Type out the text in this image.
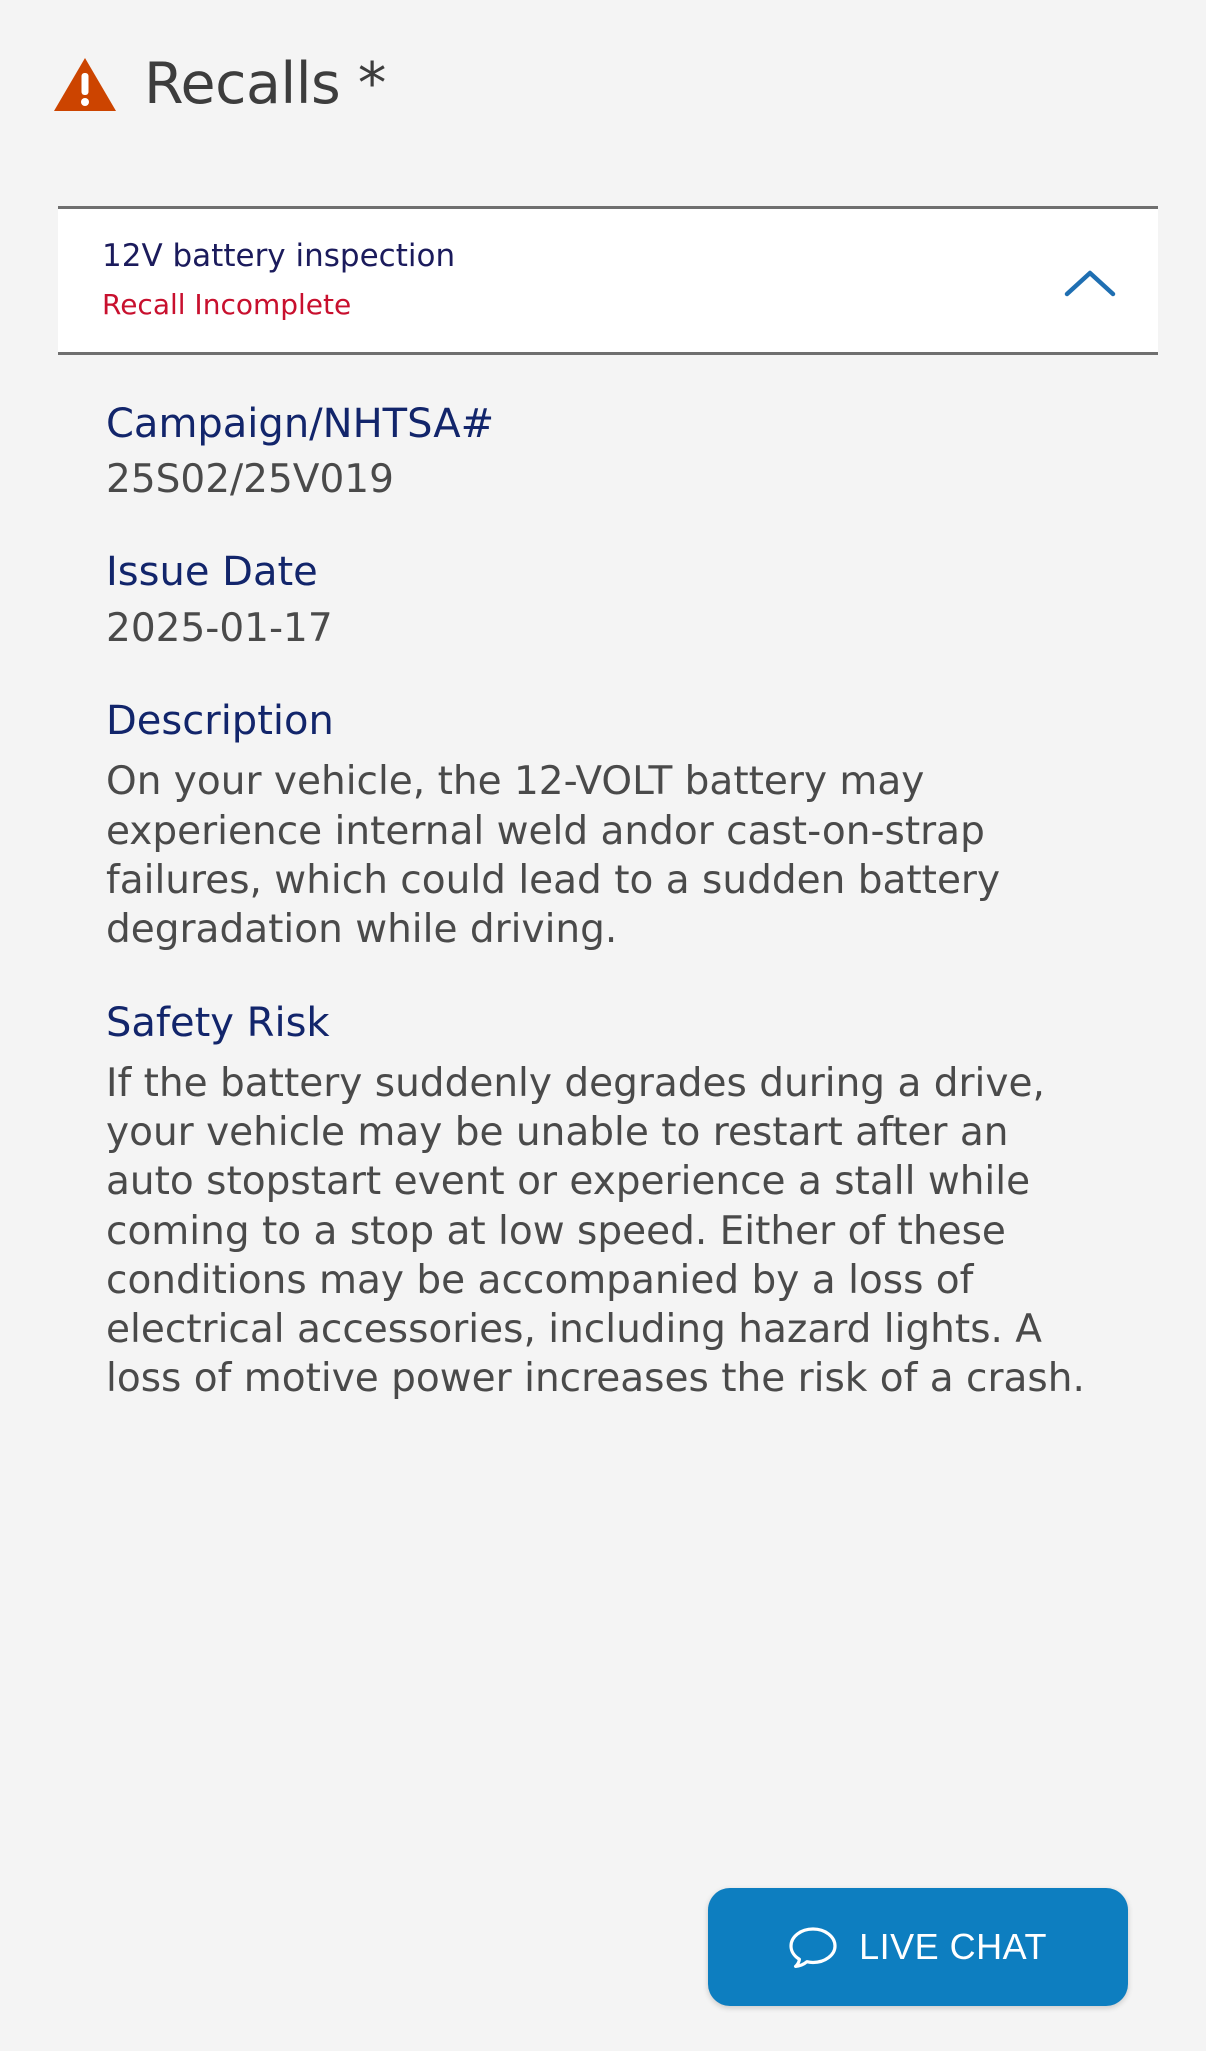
Recalls *
12V battery inspection
Recall Incomplete
Campaign/NHTSA#

25S02/25V019

Issue Date

2025-01-17

Description

On your vehicle, the 12-VOLT battery may experience internal weld andor cast-on-strap failures, which could lead to a sudden battery degradation while driving.

Safety Risk

If the battery suddenly degrades during a drive, your vehicle may be unable to restart after an auto stopstart event or experience a stall while coming to a stop at low speed. Either of these conditions may be accompanied by a loss of electrical accessories, including hazard lights. A loss of motive power increases the risk of a crash.

LIVE CHAT
